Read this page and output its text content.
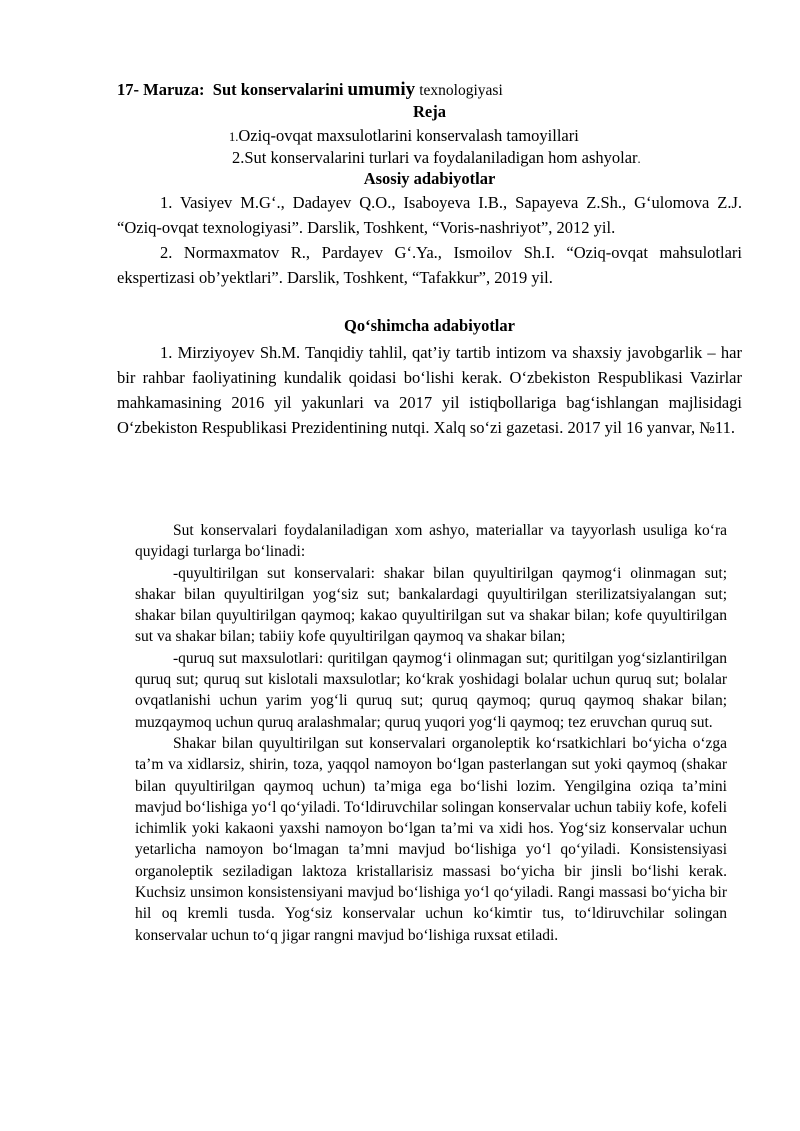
17- Maruza: Sut konservalarini umumiy texnologiyasi
Reja
1.Oziq-ovqat maxsulotlarini konservalash tamoyillari
2.Sut konservalarini turlari va foydalaniladigan hom ashyolar.
Asosiy adabiyotlar

1. Vasiyev M.G‘., Dadayev Q.O., Isaboyeva I.B., Sapayeva Z.Sh., G‘ulomova Z.J. “Oziq-ovqat texnologiyasi”. Darslik, Toshkent, “Voris-nashriyot”, 2012 yil.

2. Normaxmatov R., Pardayev G‘.Ya., Ismoilov Sh.I. “Oziq-ovqat mahsulotlari ekspertizasi ob’yektlari”. Darslik, Toshkent, “Tafakkur”, 2019 yil.

Qo‘shimcha adabiyotlar

1. Mirziyoyev Sh.M. Tanqidiy tahlil, qat’iy tartib intizom va shaxsiy javobgarlik – har bir rahbar faoliyatining kundalik qoidasi bo‘lishi kerak. O‘zbekiston Respublikasi Vazirlar mahkamasining 2016 yil yakunlari va 2017 yil istiqbollariga bag‘ishlangan majlisidagi O‘zbekiston Respublikasi Prezidentining nutqi. Xalq so‘zi gazetasi. 2017 yil 16 yanvar, №11.

Sut konservalari foydalaniladigan xom ashyo, materiallar va tayyorlash usuliga ko‘ra quyidagi turlarga bo‘linadi:

-quyultirilgan sut konservalari: shakar bilan quyultirilgan qaymog‘i olinmagan sut; shakar bilan quyultirilgan yog‘siz sut; bankalardagi quyultirilgan sterilizatsiyalangan sut; shakar bilan quyultirilgan qaymoq; kakao quyultirilgan sut va shakar bilan; kofe quyultirilgan sut va shakar bilan; tabiiy kofe quyultirilgan qaymoq va shakar bilan;

-quruq sut maxsulotlari: quritilgan qaymog‘i olinmagan sut; quritilgan yog‘sizlantirilgan quruq sut; quruq sut kislotali maxsulotlar; ko‘krak yoshidagi bolalar uchun quruq sut; bolalar ovqatlanishi uchun yarim yog‘li quruq sut; quruq qaymoq; quruq qaymoq shakar bilan; muzqaymoq uchun quruq aralashmalar; quruq yuqori yog‘li qaymoq; tez eruvchan quruq sut.

Shakar bilan quyultirilgan sut konservalari organoleptik ko‘rsatkichlari bo‘yicha o‘zga ta’m va xidlarsiz, shirin, toza, yaqqol namoyon bo‘lgan pasterlangan sut yoki qaymoq (shakar bilan quyultirilgan qaymoq uchun) ta’miga ega bo‘lishi lozim. Yengilgina oziqa ta’mini mavjud bo‘lishiga yo‘l qo‘yiladi. To‘ldiruvchilar solingan konservalar uchun tabiiy kofe, kofeli ichimlik yoki kakaoni yaxshi namoyon bo‘lgan ta’mi va xidi hos. Yog‘siz konservalar uchun yetarlicha namoyon bo‘lmagan ta’mni mavjud bo‘lishiga yo‘l qo‘yiladi. Konsistensiyasi organoleptik seziladigan laktoza kristallarisiz massasi bo‘yicha bir jinsli bo‘lishi kerak. Kuchsiz unsimon konsistensiyani mavjud bo‘lishiga yo‘l qo‘yiladi. Rangi massasi bo‘yicha bir hil oq kremli tusda. Yog‘siz konservalar uchun ko‘kimtir tus, to‘ldiruvchilar solingan konservalar uchun to‘q jigar rangni mavjud bo‘lishiga ruxsat etiladi.
